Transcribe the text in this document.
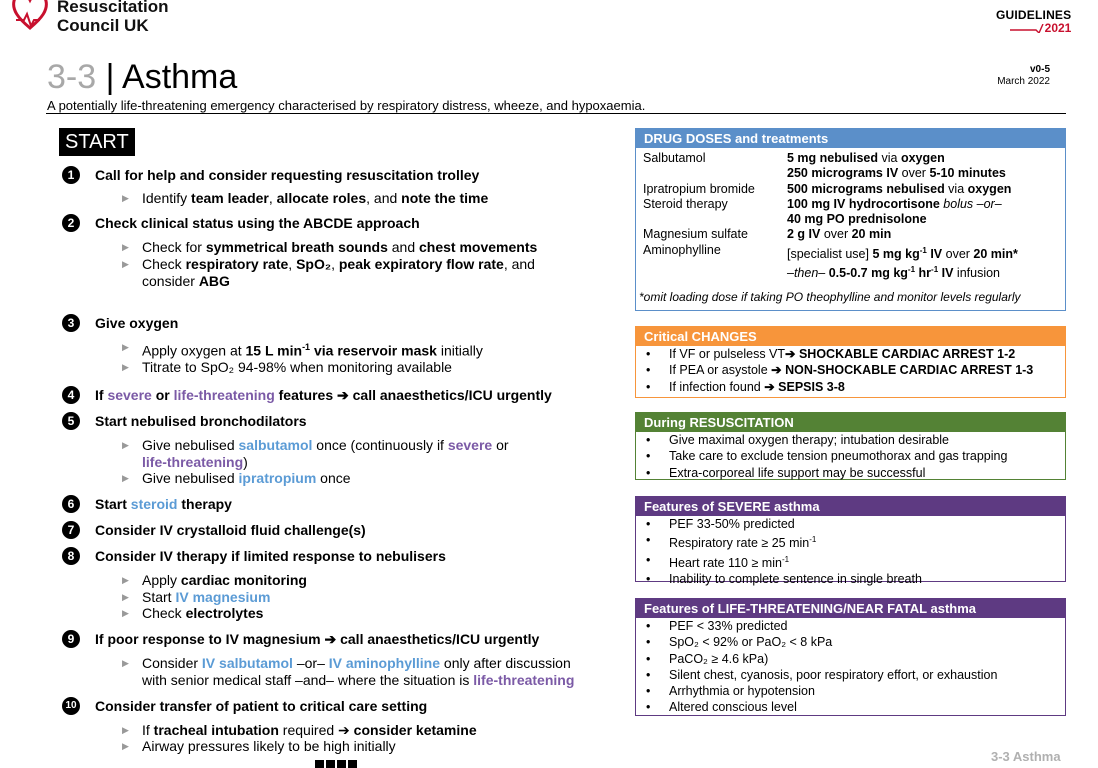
Resuscitation
Council UK
GUIDELINES
2021
3-3 | Asthma	v0-5
March 2022
A potentially life-threatening emergency characterised by respiratory distress, wheeze, and hypoxaemia.
START
1	Call for help and consider requesting resuscitation trolley
▶ Identify team leader, allocate roles, and note the time
2	Check clinical status using the ABCDE approach
▶ Check for symmetrical breath sounds and chest movements
▶ Check respiratory rate, SpO₂, peak expiratory flow rate, and
consider ABG
3	Give oxygen
▶ Apply oxygen at 15 L $\min^{-1}$ via reservoir mask initially
▶ Titrate to SpO₂ 94-98% when monitoring available
4	If severe or life-threatening features ➔ call anaesthetics/ICU urgently
5	Start nebulised bronchodilators
▶ Give nebulised salbutamol once (continuously if severe or
life-threatening)
▶ Give nebulised ipratropium once
6	Start steroid therapy
7	Consider IV crystalloid fluid challenge(s)
8	Consider IV therapy if limited response to nebulisers
▶ Apply cardiac monitoring
▶ Start IV magnesium
▶ Check electrolytes
9	If poor response to IV magnesium ➔ call anaesthetics/ICU urgently
▶ Consider IV salbutamol –or– IV aminophylline only after discussion
with senior medical staff –and– where the situation is life-threatening
10 Consider transfer of patient to critical care setting
▶ If tracheal intubation required ➔ consider ketamine
▶ Airway pressures likely to be high initially
DRUG DOSES and treatments
Salbutamol	5 mg nebulised via oxygen
250 micrograms IV over 5-10 minutes
Ipratropium bromide	500 micrograms nebulised via oxygen
Steroid therapy	100 mg IV hydrocortisone bolus –or–
40 mg PO prednisolone
Magnesium sulfate	2 g IV over 20 min
Aminophylline	[specialist use] 5 mg $kg^{-1}$ IV over 20 min*
–then– 0.5-0.7 mg $kg^{-1}$ $hr^{-1}$ IV infusion
*omit loading dose if taking PO theophylline and monitor levels regularly
Critical CHANGES
• If VF or pulseless VT➔ SHOCKABLE CARDIAC ARREST 1-2
• If PEA or asystole ➔ NON-SHOCKABLE CARDIAC ARREST 1-3
• If infection found ➔ SEPSIS 3-8
During RESUSCITATION
• Give maximal oxygen therapy; intubation desirable
• Take care to exclude tension pneumothorax and gas trapping
• Extra-corporeal life support may be successful
Features of SEVERE asthma
• PEF 33-50% predicted
• Respiratory rate ≥ 25 $\min^{-1}$
• Heart rate $110 \ge \min^{-1}$
• Inability to complete sentence in single breath
Features of LIFE-THREATENING/NEAR FATAL asthma
• PEF < 33% predicted
• SpO₂ < 92% or PaO₂ < 8 kPa
• PaCO₂ ≥ 4.6 kPa)
• Silent chest, cyanosis, poor respiratory effort, or exhaustion
• Arrhythmia or hypotension
• Altered conscious level
3-3 Asthma
